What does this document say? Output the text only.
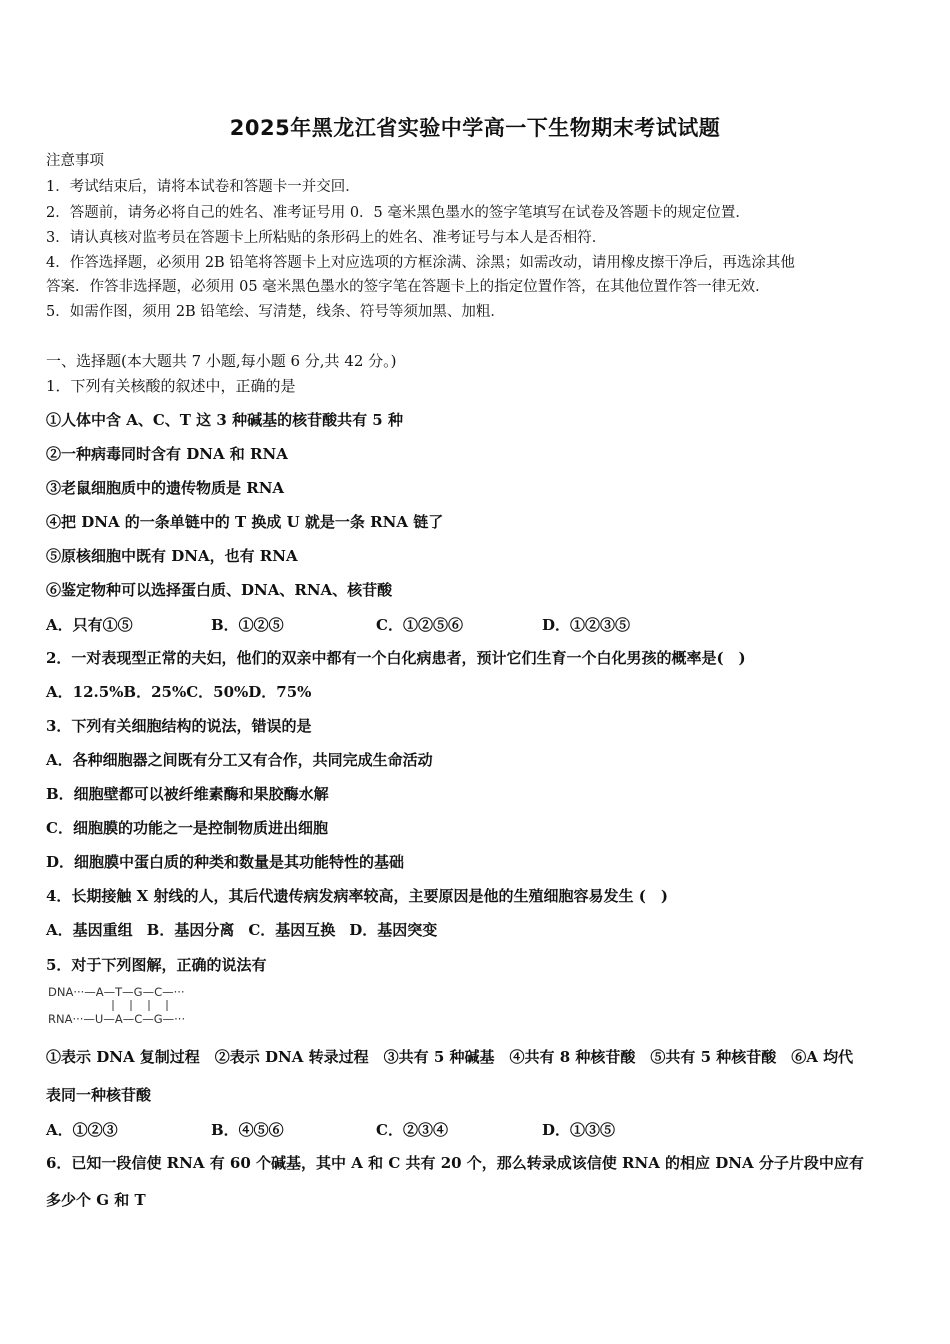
2025年黑龙江省实验中学高一下生物期末考试试题
注意事项
1．考试结束后，请将本试卷和答题卡一并交回．
2．答题前，请务必将自己的姓名、准考证号用 0．5 毫米黑色墨水的签字笔填写在试卷及答题卡的规定位置．
3．请认真核对监考员在答题卡上所粘贴的条形码上的姓名、准考证号与本人是否相符．
4．作答选择题，必须用 2B 铅笔将答题卡上对应选项的方框涂满、涂黑；如需改动，请用橡皮擦干净后，再选涂其他
答案．作答非选择题，必须用 05 毫米黑色墨水的签字笔在答题卡上的指定位置作答，在其他位置作答一律无效．
5．如需作图，须用 2B 铅笔绘、写清楚，线条、符号等须加黑、加粗．
一、选择题(本大题共 7 小题,每小题 6 分,共 42 分。)
1．下列有关核酸的叙述中，正确的是
①人体中含 A、C、T 这 3 种碱基的核苷酸共有 5 种
②一种病毒同时含有 DNA 和 RNA
③老鼠细胞质中的遗传物质是 RNA
④把 DNA 的一条单链中的 T 换成 U 就是一条 RNA 链了
⑤原核细胞中既有 DNA，也有 RNA
⑥鉴定物种可以选择蛋白质、DNA、RNA、核苷酸
A．只有①⑤	B．①②⑤	C．①②⑤⑥	D．①②③⑤
2．一对表现型正常的夫妇，他们的双亲中都有一个白化病患者，预计它们生育一个白化男孩的概率是(　)
A．12.5%B．25%C．50%D．75%
3．下列有关细胞结构的说法，错误的是
A．各种细胞器之间既有分工又有合作，共同完成生命活动
B．细胞壁都可以被纤维素酶和果胶酶水解
C．细胞膜的功能之一是控制物质进出细胞
D．细胞膜中蛋白质的种类和数量是其功能特性的基础
4．长期接触 X 射线的人，其后代遗传病发病率较高，主要原因是他的生殖细胞容易发生 (　)
A．基因重组 B．基因分离 C．基因互换 D．基因突变
5．对于下列图解，正确的说法有
DNA···—A—T—G—C—···
RNA···—U—A—C—G—···
①表示 DNA 复制过程　②表示 DNA 转录过程　③共有 5 种碱基　④共有 8 种核苷酸　⑤共有 5 种核苷酸　⑥A 均代
表同一种核苷酸
A．①②③	B．④⑤⑥	C．②③④	D．①③⑤
6．已知一段信使 RNA 有 60 个碱基，其中 A 和 C 共有 20 个，那么转录成该信使 RNA 的相应 DNA 分子片段中应有
多少个 G 和 T
